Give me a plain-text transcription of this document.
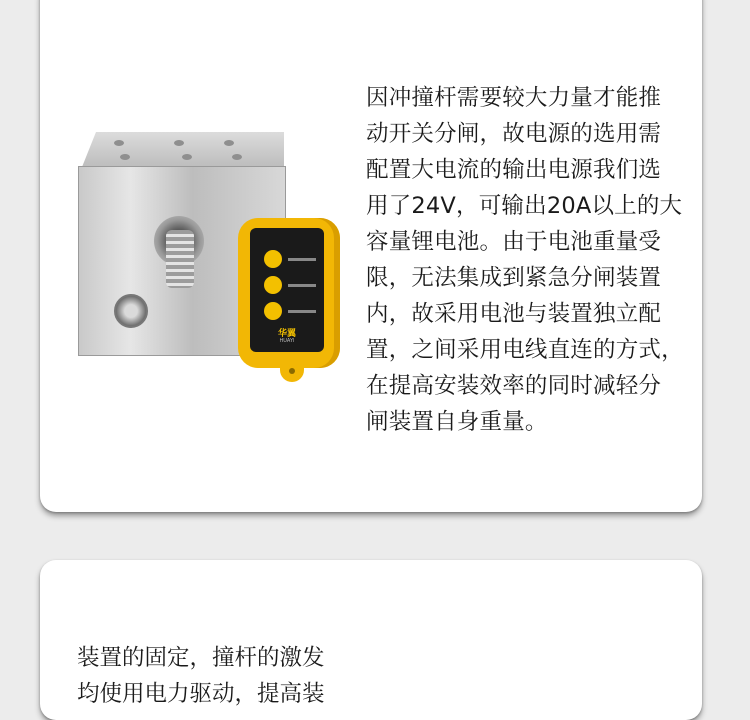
华翼
HUAYI
因冲撞杆需要较大力量才能推
动开关分闸，故电源的选用需
配置大电流的输出电源我们选
用了24V，可输出20A以上的大
容量锂电池。由于电池重量受
限，无法集成到紧急分闸装置
内，故采用电池与装置独立配
置，之间采用电线直连的方式，
在提高安装效率的同时减轻分
闸装置自身重量。
装置的固定，撞杆的激发
均使用电力驱动，提高装
